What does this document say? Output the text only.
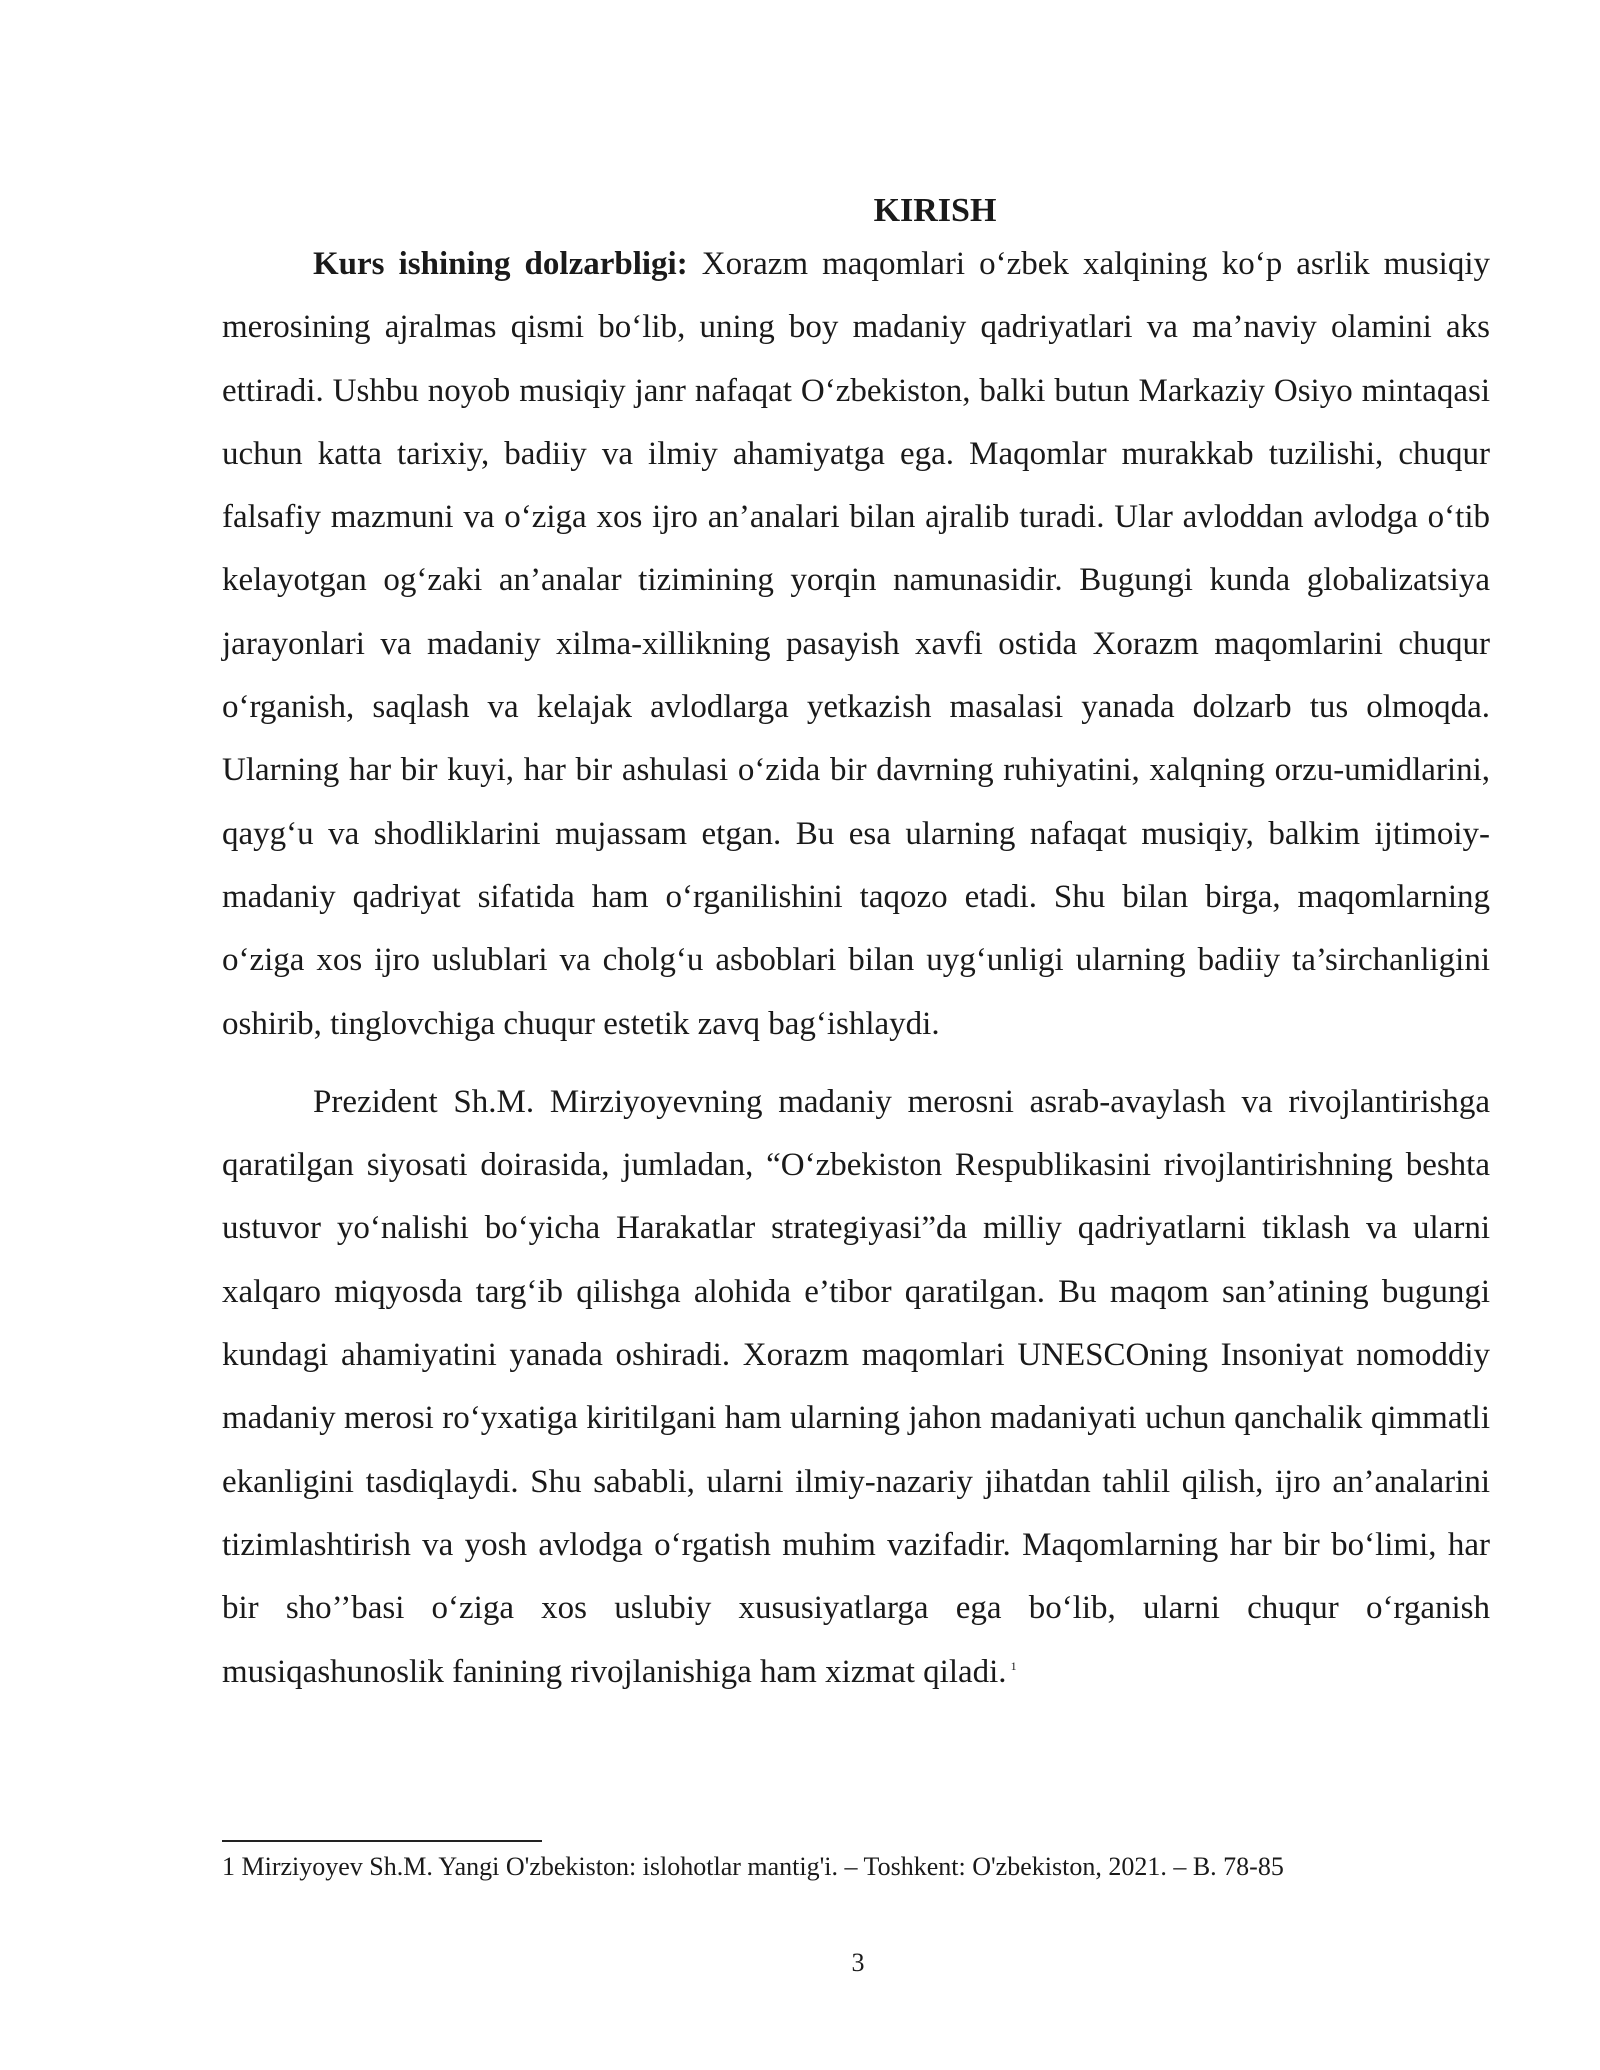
KIRISH

Kurs ishining dolzarbligi: Xorazm maqomlari o‘zbek xalqining ko‘p asrlik musiqiy merosining ajralmas qismi bo‘lib, uning boy madaniy qadriyatlari va ma’naviy olamini aks ettiradi. Ushbu noyob musiqiy janr nafaqat O‘zbekiston, balki butun Markaziy Osiyo mintaqasi uchun katta tarixiy, badiiy va ilmiy ahamiyatga ega. Maqomlar murakkab tuzilishi, chuqur falsafiy mazmuni va o‘ziga xos ijro an’analari bilan ajralib turadi. Ular avloddan avlodga o‘tib kelayotgan og‘zaki an’analar tizimining yorqin namunasidir. Bugungi kunda globalizatsiya jarayonlari va madaniy xilma-xillikning pasayish xavfi ostida Xorazm maqomlarini chuqur o‘rganish, saqlash va kelajak avlodlarga yetkazish masalasi yanada dolzarb tus olmoqda. Ularning har bir kuyi, har bir ashulasi o‘zida bir davrning ruhiyatini, xalqning orzu-umidlarini, qayg‘u va shodliklarini mujassam etgan. Bu esa ularning nafaqat musiqiy, balkim ijtimoiy-madaniy qadriyat sifatida ham o‘rganilishini taqozo etadi. Shu bilan birga, maqomlarning o‘ziga xos ijro uslublari va cholg‘u asboblari bilan uyg‘unligi ularning badiiy ta’sirchanligini oshirib, tinglovchiga chuqur estetik zavq bag‘ishlaydi.

Prezident Sh.M. Mirziyoyevning madaniy merosni asrab-avaylash va rivojlantirishga qaratilgan siyosati doirasida, jumladan, “O‘zbekiston Respublikasini rivojlantirishning beshta ustuvor yo‘nalishi bo‘yicha Harakatlar strategiyasi”da milliy qadriyatlarni tiklash va ularni xalqaro miqyosda targ‘ib qilishga alohida e’tibor qaratilgan. Bu maqom san’atining bugungi kundagi ahamiyatini yanada oshiradi. Xorazm maqomlari UNESCOning Insoniyat nomoddiy madaniy merosi ro‘yxatiga kiritilgani ham ularning jahon madaniyati uchun qanchalik qimmatli ekanligini tasdiqlaydi. Shu sababli, ularni ilmiy-nazariy jihatdan tahlil qilish, ijro an’analarini tizimlashtirish va yosh avlodga o‘rgatish muhim vazifadir. Maqomlarning har bir bo‘limi, har bir sho’’basi o‘ziga xos uslubiy xususiyatlarga ega bo‘lib, ularni chuqur o‘rganish musiqashunoslik fanining rivojlanishiga ham xizmat qiladi. $^1$

1 Mirziyoyev Sh.M. Yangi O'zbekiston: islohotlar mantig'i. – Toshkent: O'zbekiston, 2021. – B. 78-85

3
